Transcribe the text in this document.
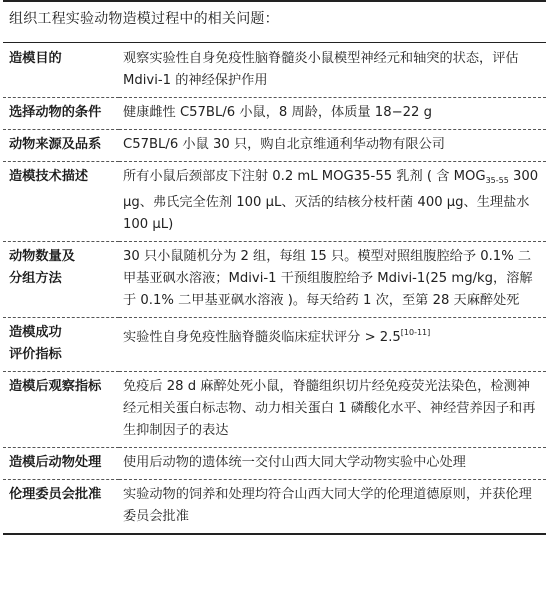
组织工程实验动物造模过程中的相关问题：
造模目的	观察实验性自身免疫性脑脊髓炎小鼠模型神经元和轴突的状态，评估 Mdivi-1 的神经保护作用
选择动物的条件	健康雌性 C57BL/6 小鼠，8 周龄，体质量 18−22 g
动物来源及品系	C57BL/6 小鼠 30 只，购自北京维通利华动物有限公司
造模技术描述	所有小鼠后颈部皮下注射 0.2 mL MOG35-55 乳剂 ( 含 $MOG_{35-55}$ 300 μg、弗氏完全佐剂 100 μL、灭活的结核分枝杆菌 400 μg、生理盐水 100 μL)
动物数量及
分组方法	30 只小鼠随机分为 2 组，每组 15 只。模型对照组腹腔给予 0.1% 二甲基亚砜水溶液；Mdivi-1 干预组腹腔给予 Mdivi-1(25 mg/kg，溶解于 0.1% 二甲基亚砜水溶液 )。每天给药 1 次，至第 28 天麻醉处死
造模成功
评价指标	实验性自身免疫性脑脊髓炎临床症状评分 > 2.5[10-11]
造模后观察指标	免疫后 28 d 麻醉处死小鼠，脊髓组织切片经免疫荧光法染色，检测神经元相关蛋白标志物、动力相关蛋白 1 磷酸化水平、神经营养因子和再生抑制因子的表达
造模后动物处理	使用后动物的遗体统一交付山西大同大学动物实验中心处理
伦理委员会批准	实验动物的饲养和处理均符合山西大同大学的伦理道德原则，并获伦理委员会批准
